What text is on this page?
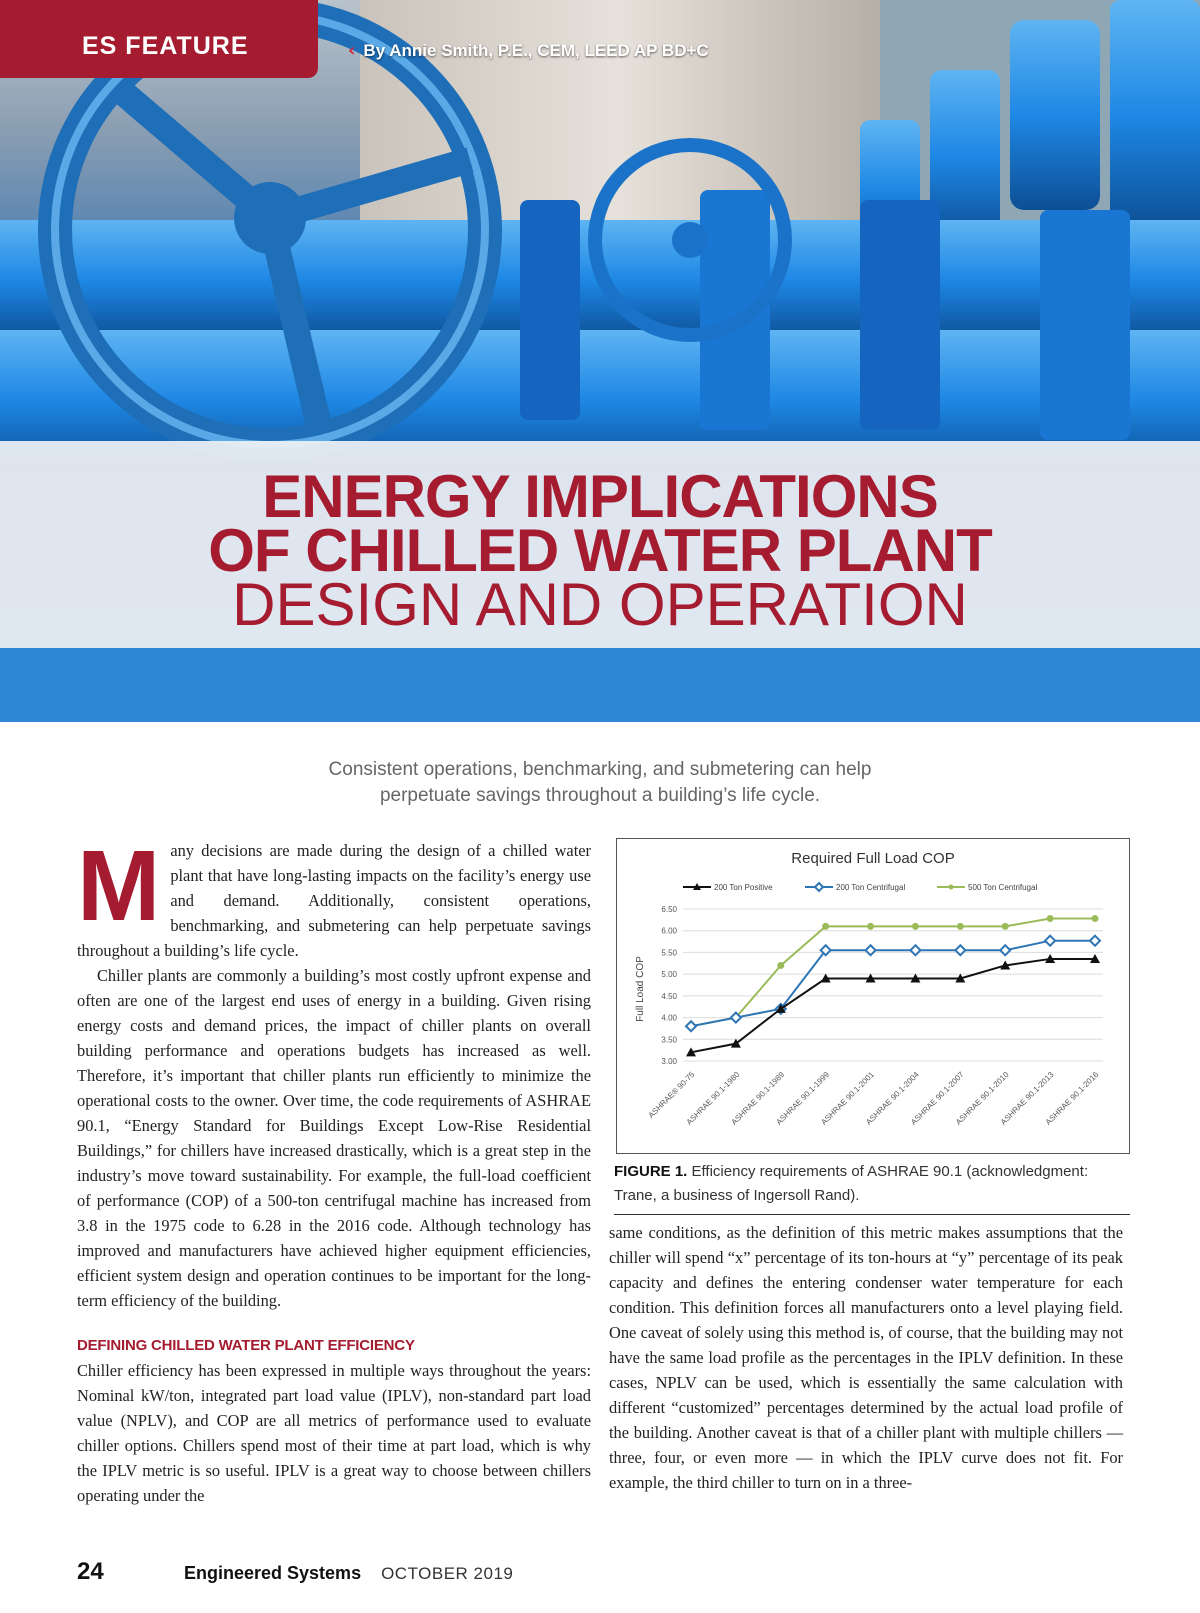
ES FEATURE	‹ By Annie Smith, P.E., CEM, LEED AP BD+C
ENERGY IMPLICATIONS
OF CHILLED WATER PLANT
DESIGN AND OPERATION
Consistent operations, benchmarking, and submetering can help
perpetuate savings throughout a building’s life cycle.
M any decisions are made during the design of a chilled water plant that have long-lasting impacts on the facility’s energy use and demand. Additionally, consistent operations, benchmarking, and submetering can help perpetuate savings throughout a building’s life cycle.

Chiller plants are commonly a building’s most costly upfront expense and often are one of the largest end uses of energy in a building. Given rising energy costs and demand prices, the impact of chiller plants on overall building performance and operations budgets has increased as well. Therefore, it’s important that chiller plants run efficiently to minimize the operational costs to the owner. Over time, the code requirements of ASHRAE 90.1, “Energy Standard for Buildings Except Low-Rise Residential Buildings,” for chillers have increased drastically, which is a great step in the industry’s move toward sustainability. For example, the full-load coefficient of performance (COP) of a 500-ton centrifugal machine has increased from 3.8 in the 1975 code to 6.28 in the 2016 code. Although technology has improved and manufacturers have achieved higher equipment efficiencies, efficient system design and operation continues to be important for the long-term efficiency of the building.

DEFINING CHILLED WATER PLANT EFFICIENCY

Chiller efficiency has been expressed in multiple ways throughout the years: Nominal kW/ton, integrated part load value (IPLV), non-standard part load value (NPLV), and COP are all metrics of performance used to evaluate chiller options. Chillers spend most of their time at part load, which is why the IPLV metric is so useful. IPLV is a great way to choose between chillers operating under the

Required Full Load COP
Full Load COP
200 Ton Positive	200 Ton Centrifugal	500 Ton Centrifugal
3.00
3.50
4.00
4.50
5.00
5.50
6.00
6.50
ASHRAE® 90-75
ASHRAE 90.1-1980
ASHRAE 90.1-1989
ASHRAE 90.1-1999
ASHRAE 90.1-2001
ASHRAE 90.1-2004
ASHRAE 90.1-2007
ASHRAE 90.1-2010
ASHRAE 90.1-2013
ASHRAE 90.1-2016
FIGURE 1. Efficiency requirements of ASHRAE 90.1 (acknowledgment: Trane, a business of Ingersoll Rand).

same conditions, as the definition of this metric makes assumptions that the chiller will spend “x” percentage of its ton-hours at “y” percentage of its peak capacity and defines the entering condenser water temperature for each condition. This definition forces all manufacturers onto a level playing field. One caveat of solely using this method is, of course, that the building may not have the same load profile as the percentages in the IPLV definition. In these cases, NPLV can be used, which is essentially the same calculation with different “customized” percentages determined by the actual load profile of the building. Another caveat is that of a chiller plant with multiple chillers — three, four, or even more — in which the IPLV curve does not fit. For example, the third chiller to turn on in a three-

24	Engineered Systems OCTOBER 2019
